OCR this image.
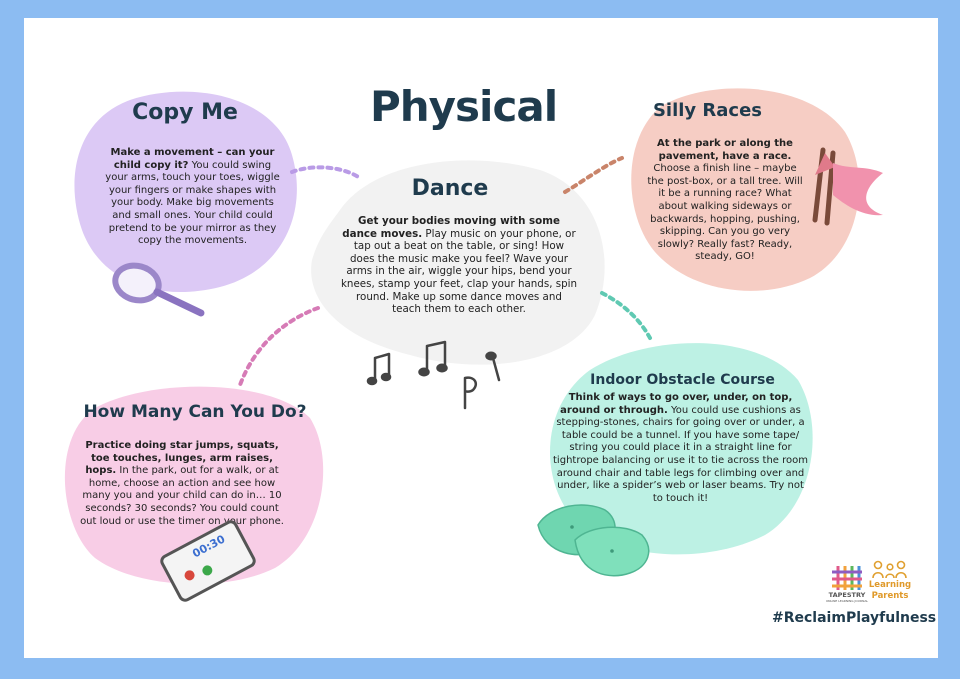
Physical
Copy Me

Make a movement – can your child copy it? You could swing your arms, touch your toes, wiggle your fingers or make shapes with your body. Make big movements and small ones. Your child could pretend to be your mirror as they copy the movements.

Dance

Get your bodies moving with some dance moves. Play music on your phone, or tap out a beat on the table, or sing! How does the music make you feel? Wave your arms in the air, wiggle your hips, bend your knees, stamp your feet, clap your hands, spin round. Make up some dance moves and teach them to each other.

Silly Races

At the park or along the pavement, have a race. Choose a finish line – maybe the post-box, or a tall tree. Will it be a running race? What about walking sideways or backwards, hopping, pushing, skipping. Can you go very slowly? Really fast? Ready, steady, GO!

How Many Can You Do?

Practice doing star jumps, squats, toe touches, lunges, arm raises, hops. In the park, out for a walk, or at home, choose an action and see how many you and your child can do in… 10 seconds? 30 seconds? You could count out loud or use the timer on your phone.

00:30
Indoor Obstacle Course

Think of ways to go over, under, on top, around or through. You could use cushions as stepping-stones, chairs for going over or under, a table could be a tunnel. If you have some tape/ string you could place it in a straight line for tightrope balancing or use it to tie across the room around chair and table legs for climbing over and under, like a spider’s web or laser beams. Try not to touch it!

TAPESTRY

ONLINE LEARNING JOURNAL

Learning

Parents

#ReclaimPlayfulness
